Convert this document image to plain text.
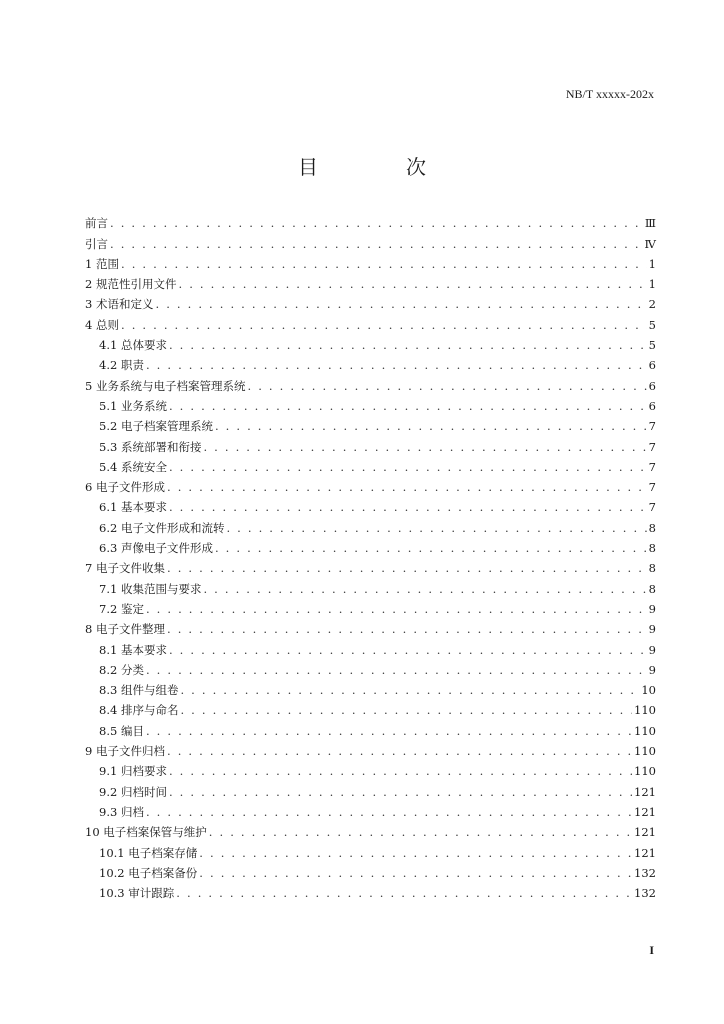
NB/T xxxxx-202x
目　次
前言 . . .	Ⅲ
引言 . . .	Ⅳ
1 范围 . . .	1
2 规范性引用文件 . . .	1
3 术语和定义 . . .	2
4 总则 . . .	5
4.1 总体要求 . . .	5
4.2 职责 . . .	6
5 业务系统与电子档案管理系统 . . .	6
5.1 业务系统 . . .	6
5.2 电子档案管理系统 . . .	7
5.3 系统部署和衔接 . . .	7
5.4 系统安全 . . .	7
6 电子文件形成 . . .	7
6.1 基本要求 . . .	7
6.2 电子文件形成和流转 . . .	8
6.3 声像电子文件形成 . . .	8
7 电子文件收集 . . .	8
7.1 收集范围与要求 . . .	8
7.2 鉴定 . . .	9
8 电子文件整理 . . .	9
8.1 基本要求 . . .	9
8.2 分类 . . .	9
8.3 组件与组卷 . . .	10
8.4 排序与命名 . . .	110
8.5 编目 . . .	110
9 电子文件归档 . . .	110
9.1 归档要求 . . .	110
9.2 归档时间 . . .	121
9.3 归档 . . .	121
10 电子档案保管与维护 . . .	121
10.1 电子档案存储 . . .	121
10.2 电子档案备份 . . .	132
10.3 审计跟踪 . . .	132
I
